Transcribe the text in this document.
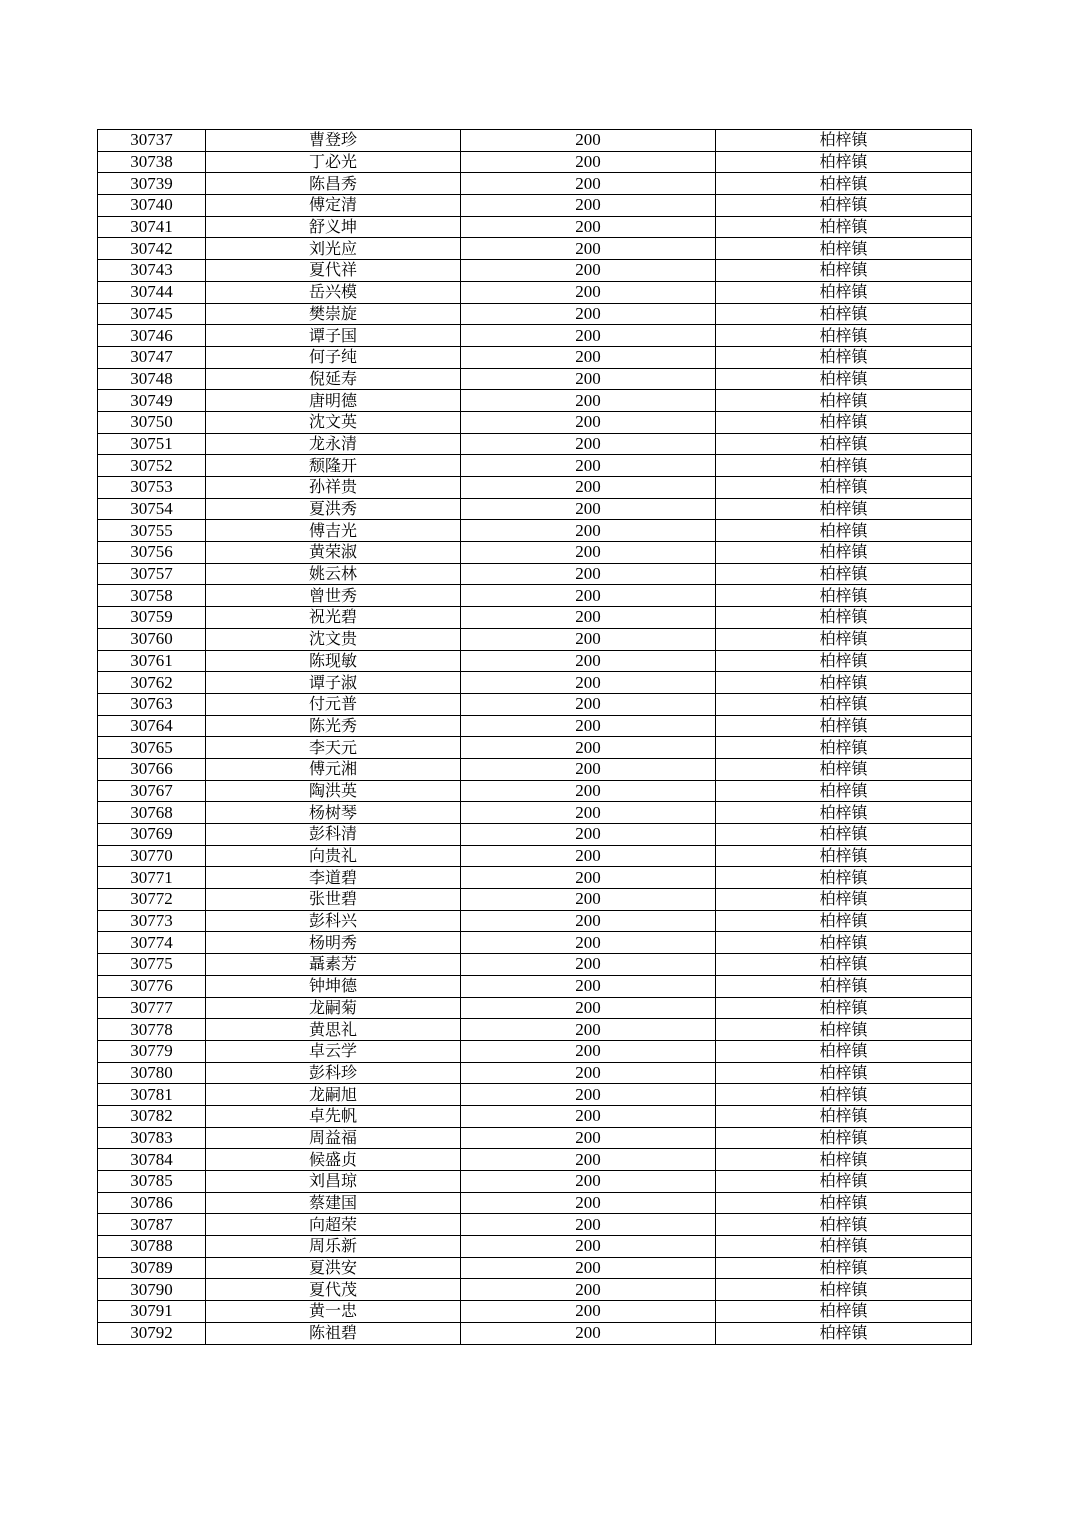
30737	曹登珍	200	柏梓镇
30738	丁必光	200	柏梓镇
30739	陈昌秀	200	柏梓镇
30740	傅定清	200	柏梓镇
30741	舒义坤	200	柏梓镇
30742	刘光应	200	柏梓镇
30743	夏代祥	200	柏梓镇
30744	岳兴模	200	柏梓镇
30745	樊崇旋	200	柏梓镇
30746	谭子国	200	柏梓镇
30747	何子纯	200	柏梓镇
30748	倪延寿	200	柏梓镇
30749	唐明德	200	柏梓镇
30750	沈文英	200	柏梓镇
30751	龙永清	200	柏梓镇
30752	颓隆开	200	柏梓镇
30753	孙祥贵	200	柏梓镇
30754	夏洪秀	200	柏梓镇
30755	傅吉光	200	柏梓镇
30756	黄荣淑	200	柏梓镇
30757	姚云林	200	柏梓镇
30758	曾世秀	200	柏梓镇
30759	祝光碧	200	柏梓镇
30760	沈文贵	200	柏梓镇
30761	陈现敏	200	柏梓镇
30762	谭子淑	200	柏梓镇
30763	付元普	200	柏梓镇
30764	陈光秀	200	柏梓镇
30765	李天元	200	柏梓镇
30766	傅元湘	200	柏梓镇
30767	陶洪英	200	柏梓镇
30768	杨树琴	200	柏梓镇
30769	彭科清	200	柏梓镇
30770	向贵礼	200	柏梓镇
30771	李道碧	200	柏梓镇
30772	张世碧	200	柏梓镇
30773	彭科兴	200	柏梓镇
30774	杨明秀	200	柏梓镇
30775	聶素芳	200	柏梓镇
30776	钟坤德	200	柏梓镇
30777	龙嗣菊	200	柏梓镇
30778	黄思礼	200	柏梓镇
30779	卓云学	200	柏梓镇
30780	彭科珍	200	柏梓镇
30781	龙嗣旭	200	柏梓镇
30782	卓先帆	200	柏梓镇
30783	周益福	200	柏梓镇
30784	候盛贞	200	柏梓镇
30785	刘昌琼	200	柏梓镇
30786	蔡建国	200	柏梓镇
30787	向超荣	200	柏梓镇
30788	周乐新	200	柏梓镇
30789	夏洪安	200	柏梓镇
30790	夏代茂	200	柏梓镇
30791	黄一忠	200	柏梓镇
30792	陈祖碧	200	柏梓镇
